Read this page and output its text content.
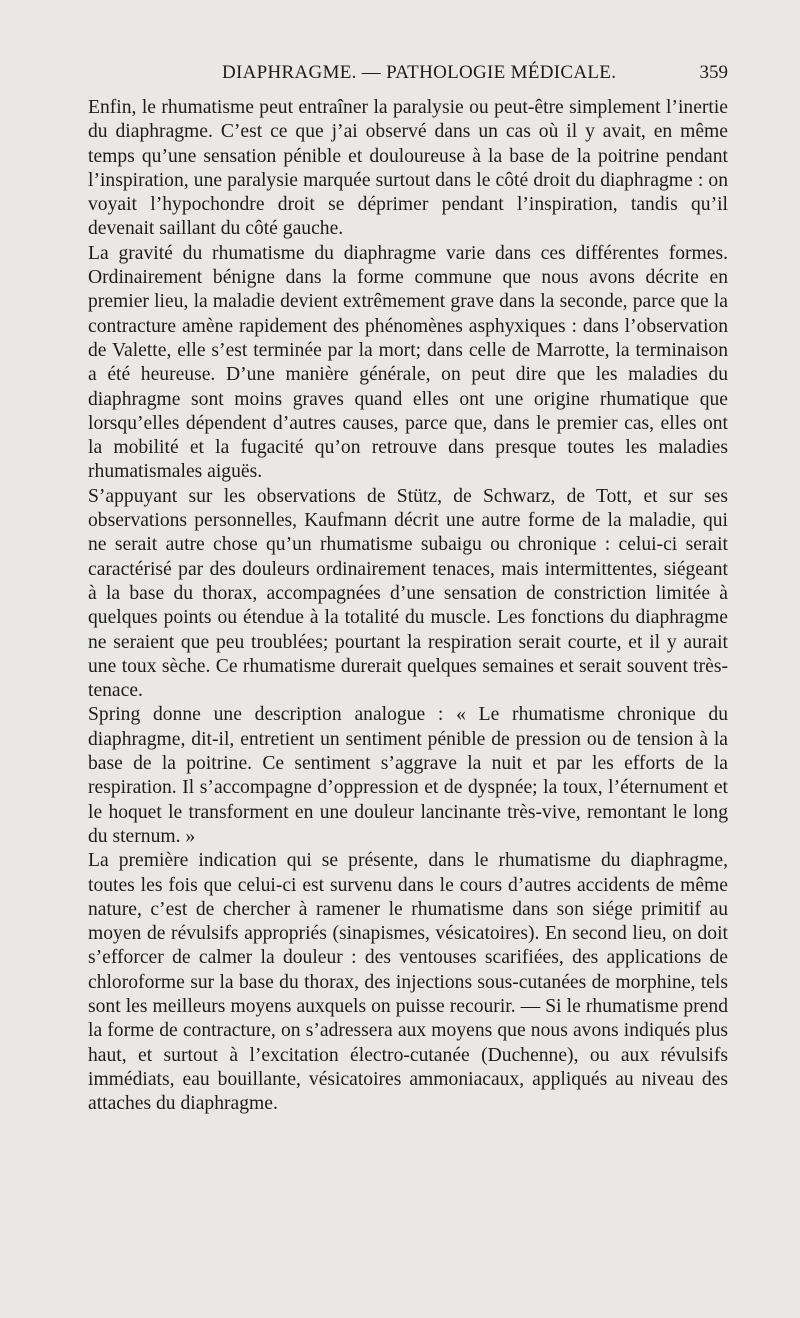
DIAPHRAGME. — PATHOLOGIE MÉDICALE.	359

Enfin, le rhumatisme peut entraîner la paralysie ou peut-être simplement l’inertie du diaphragme. C’est ce que j’ai observé dans un cas où il y avait, en même temps qu’une sensation pénible et douloureuse à la base de la poitrine pendant l’inspiration, une paralysie marquée surtout dans le côté droit du diaphragme : on voyait l’hypochondre droit se déprimer pendant l’inspiration, tandis qu’il devenait saillant du côté gauche.

La gravité du rhumatisme du diaphragme varie dans ces différentes formes. Ordinairement bénigne dans la forme commune que nous avons décrite en premier lieu, la maladie devient extrêmement grave dans la seconde, parce que la contracture amène rapidement des phénomènes asphyxiques : dans l’observation de Valette, elle s’est terminée par la mort; dans celle de Marrotte, la terminaison a été heureuse. D’une manière générale, on peut dire que les maladies du diaphragme sont moins graves quand elles ont une origine rhumatique que lorsqu’elles dépendent d’autres causes, parce que, dans le premier cas, elles ont la mobilité et la fugacité qu’on retrouve dans presque toutes les maladies rhumatismales aiguës.

S’appuyant sur les observations de Stütz, de Schwarz, de Tott, et sur ses observations personnelles, Kaufmann décrit une autre forme de la maladie, qui ne serait autre chose qu’un rhumatisme subaigu ou chronique : celui-ci serait caractérisé par des douleurs ordinairement tenaces, mais intermittentes, siégeant à la base du thorax, accompagnées d’une sensation de constriction limitée à quelques points ou étendue à la totalité du muscle. Les fonctions du diaphragme ne seraient que peu troublées; pourtant la respiration serait courte, et il y aurait une toux sèche. Ce rhumatisme durerait quelques semaines et serait souvent très-tenace.

Spring donne une description analogue : « Le rhumatisme chronique du diaphragme, dit-il, entretient un sentiment pénible de pression ou de tension à la base de la poitrine. Ce sentiment s’aggrave la nuit et par les efforts de la respiration. Il s’accompagne d’oppression et de dyspnée; la toux, l’éternument et le hoquet le transforment en une douleur lancinante très-vive, remontant le long du sternum. »

La première indication qui se présente, dans le rhumatisme du diaphragme, toutes les fois que celui-ci est survenu dans le cours d’autres accidents de même nature, c’est de chercher à ramener le rhumatisme dans son siége primitif au moyen de révulsifs appropriés (sinapismes, vésicatoires). En second lieu, on doit s’efforcer de calmer la douleur : des ventouses scarifiées, des applications de chloroforme sur la base du thorax, des injections sous-cutanées de morphine, tels sont les meilleurs moyens auxquels on puisse recourir. — Si le rhumatisme prend la forme de contracture, on s’adressera aux moyens que nous avons indiqués plus haut, et surtout à l’excitation électro-cutanée (Duchenne), ou aux révulsifs immédiats, eau bouillante, vésicatoires ammoniacaux, appliqués au niveau des attaches du diaphragme.
